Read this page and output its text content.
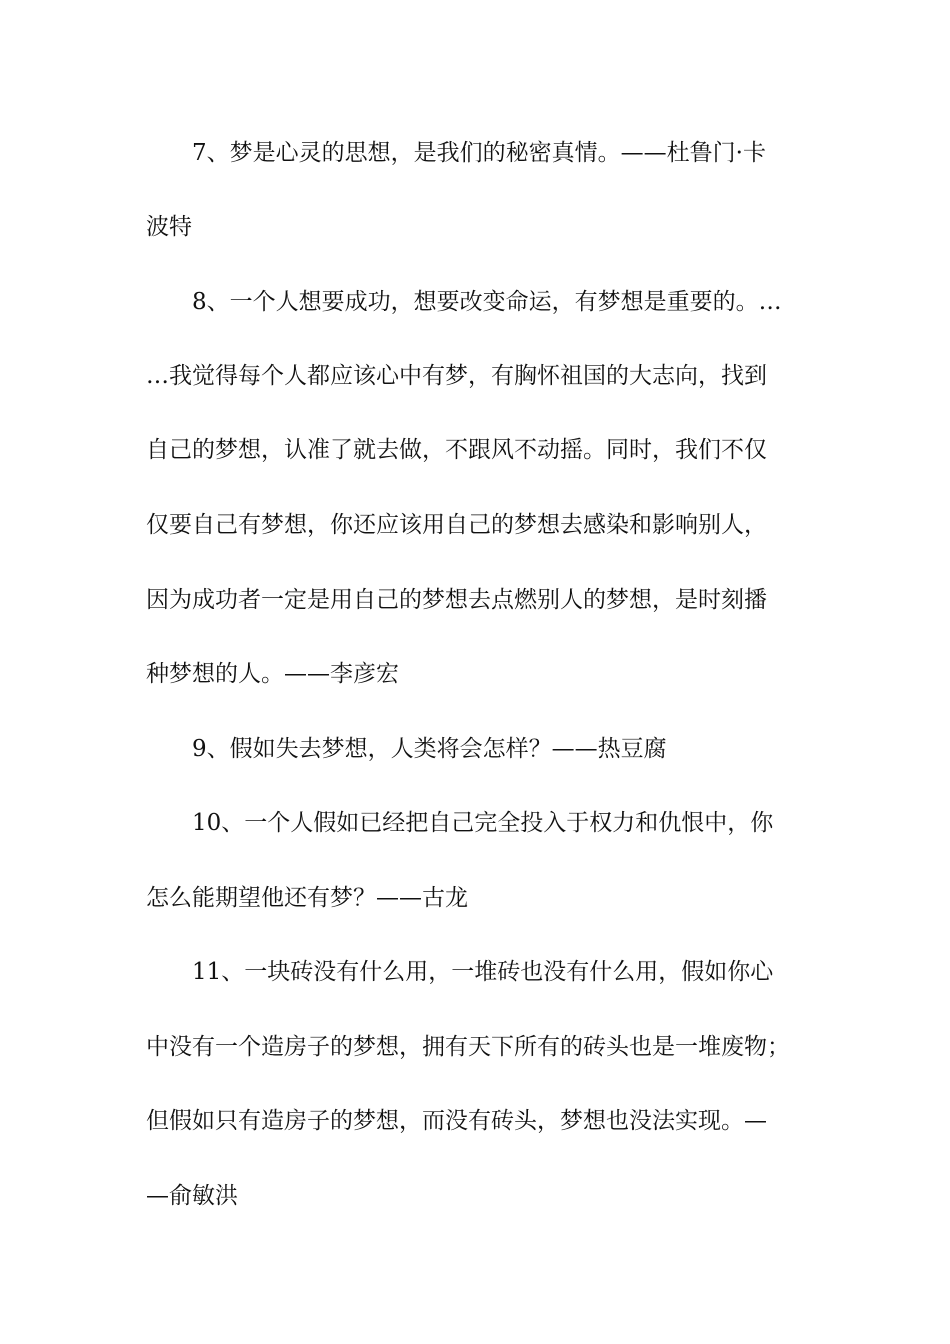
7、梦是心灵的思想，是我们的秘密真情。——杜鲁门·卡
波特
8、一个人想要成功，想要改变命运，有梦想是重要的。…
…我觉得每个人都应该心中有梦，有胸怀祖国的大志向，找到
自己的梦想，认准了就去做，不跟风不动摇。同时，我们不仅
仅要自己有梦想，你还应该用自己的梦想去感染和影响别人，
因为成功者一定是用自己的梦想去点燃别人的梦想，是时刻播
种梦想的人。——李彦宏
9、假如失去梦想，人类将会怎样？——热豆腐
10、一个人假如已经把自己完全投入于权力和仇恨中，你
怎么能期望他还有梦？——古龙
11、一块砖没有什么用，一堆砖也没有什么用，假如你心
中没有一个造房子的梦想，拥有天下所有的砖头也是一堆废物；
但假如只有造房子的梦想，而没有砖头，梦想也没法实现。—
—俞敏洪
